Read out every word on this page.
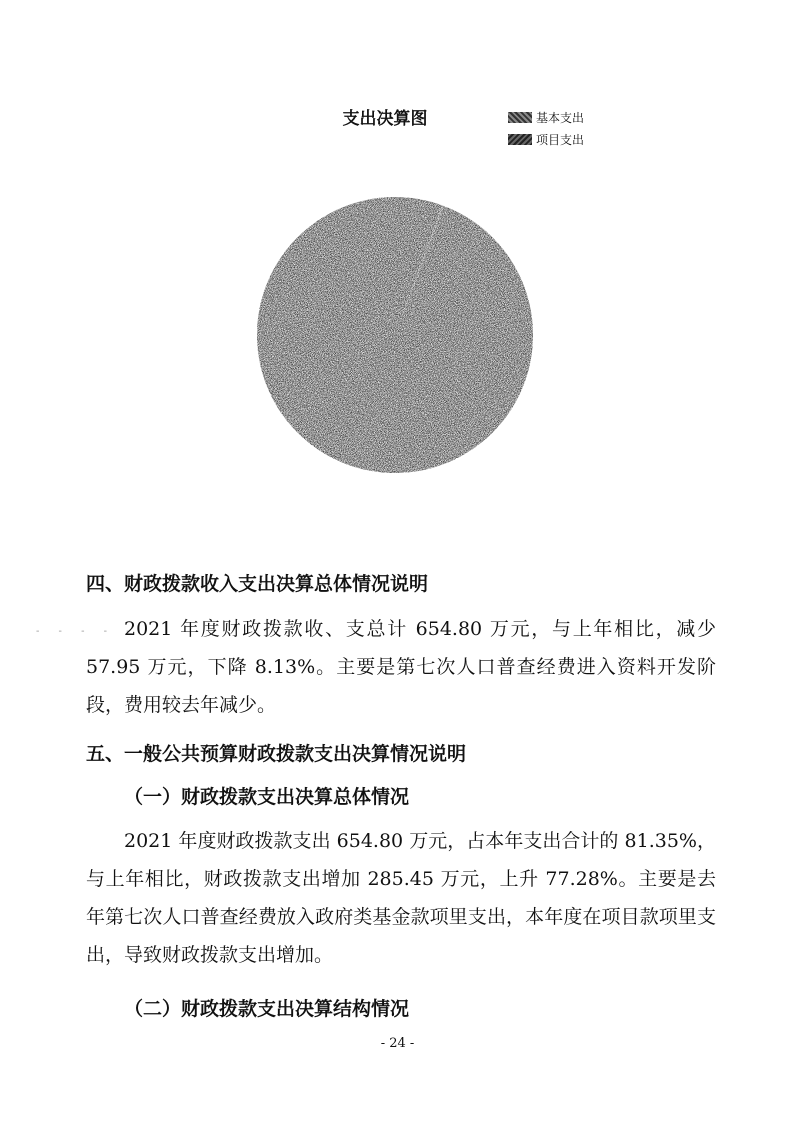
支出决算图	基本支出
项目支出
- - - - -
四、财政拨款收入支出决算总体情况说明
2021 年度财政拨款收、支总计 654.80 万元，与上年相比，减少 57.95 万元，下降 8.13%。主要是第七次人口普查经费进入资料开发阶段，费用较去年减少。
五、一般公共预算财政拨款支出决算情况说明
（一）财政拨款支出决算总体情况
2021 年度财政拨款支出 654.80 万元，占本年支出合计的 81.35%，与上年相比，财政拨款支出增加 285.45 万元，上升 77.28%。主要是去年第七次人口普查经费放入政府类基金款项里支出，本年度在项目款项里支出，导致财政拨款支出增加。
（二）财政拨款支出决算结构情况
- 24 -
